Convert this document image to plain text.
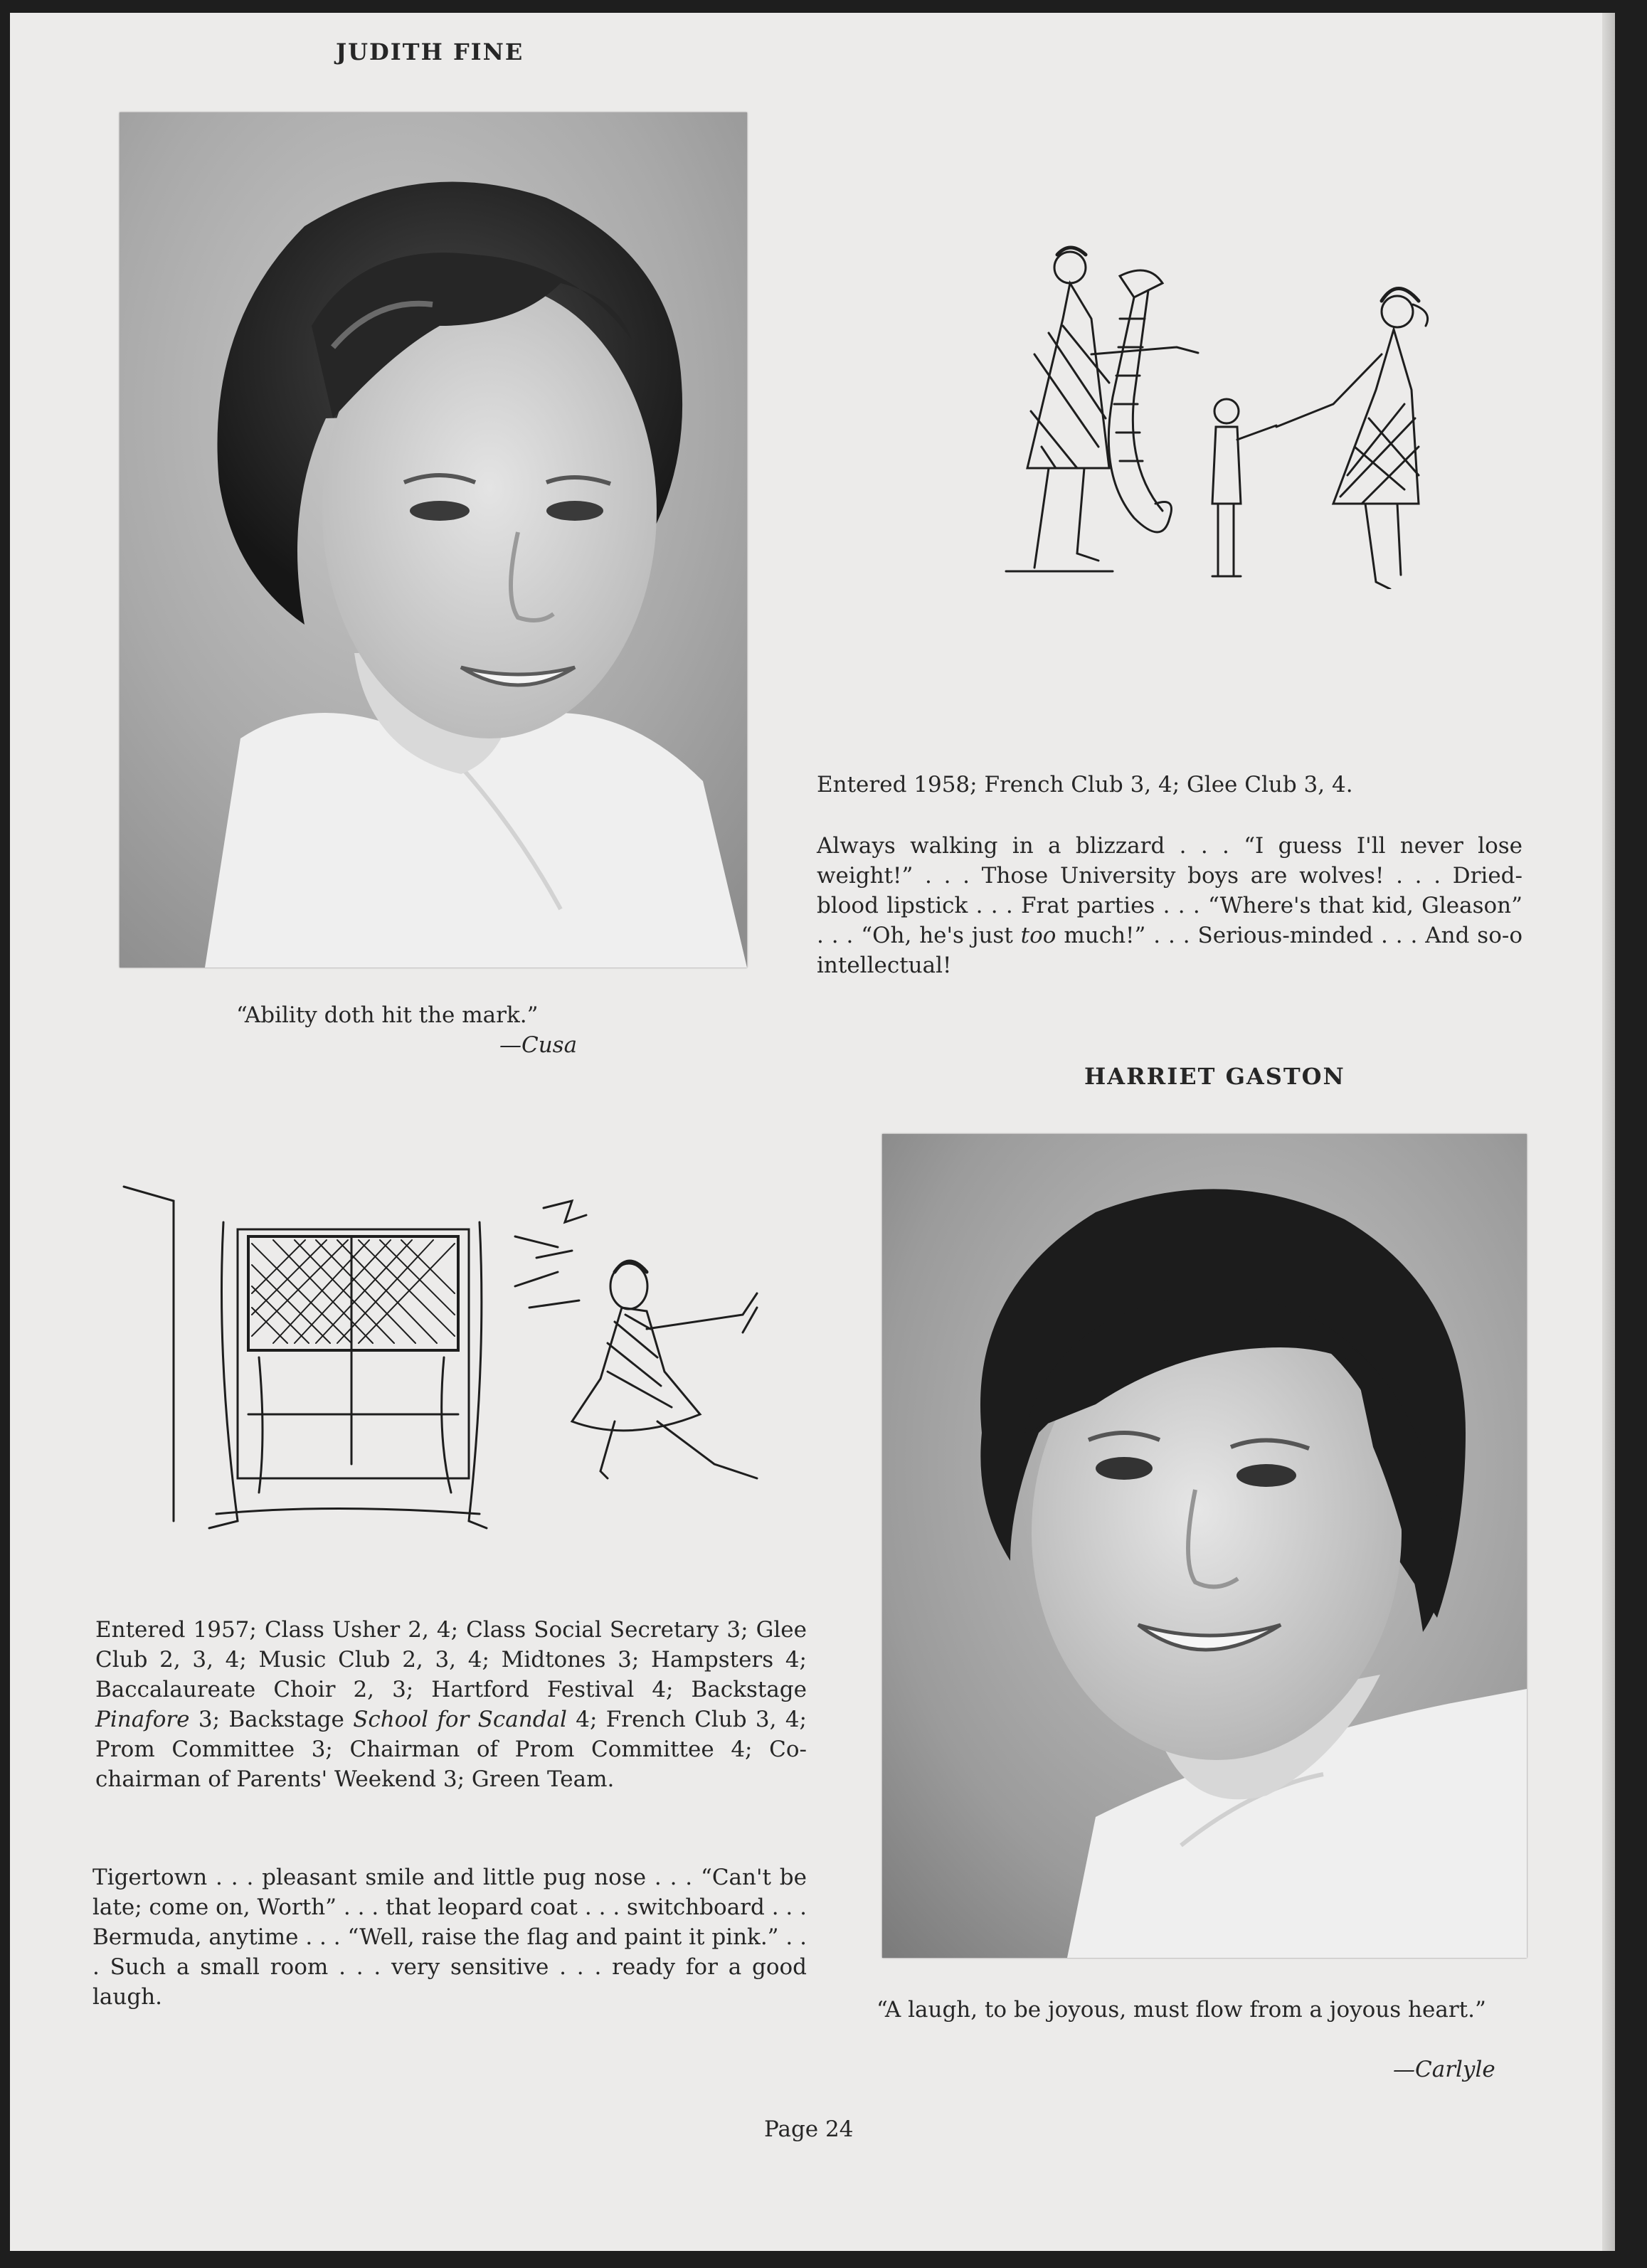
JUDITH FINE

“Ability doth hit the mark.”

—Cusa

Entered 1958; French Club 3, 4; Glee Club 3, 4.

Always walking in a blizzard . . . “I guess I'll never lose weight!” . . . Those University boys are wolves! . . . Dried-blood lipstick . . . Frat parties . . . “Where's that kid, Gleason” . . . “Oh, he's just too much!” . . . Serious-minded . . . And so-o intellectual!

HARRIET GASTON

“A laugh, to be joyous, must flow from a joyous heart.”

—Carlyle

Entered 1957; Class Usher 2, 4; Class Social Secretary 3; Glee Club 2, 3, 4; Music Club 2, 3, 4; Midtones 3; Hampsters 4; Baccalaureate Choir 2, 3; Hartford Festival 4; Backstage Pinafore 3; Backstage School for Scandal 4; French Club 3, 4; Prom Committee 3; Chairman of Prom Committee 4; Co-chairman of Parents' Weekend 3; Green Team.

Tigertown . . . pleasant smile and little pug nose . . . “Can't be late; come on, Worth” . . . that leopard coat . . . switchboard . . . Bermuda, anytime . . . “Well, raise the flag and paint it pink.” . . . Such a small room . . . very sensitive . . . ready for a good laugh.

Page 24
